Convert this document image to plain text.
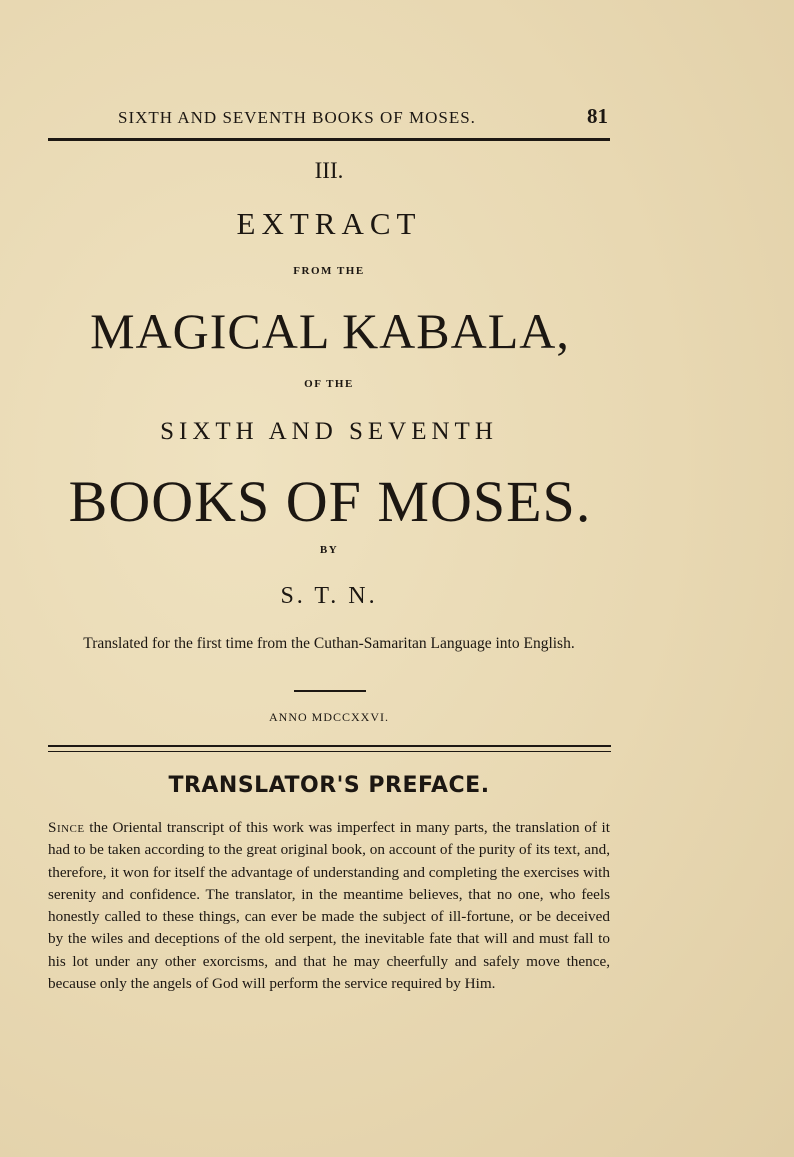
SIXTH AND SEVENTH BOOKS OF MOSES.	81
III.
EXTRACT
FROM THE
MAGICAL KABALA,
OF THE
SIXTH AND SEVENTH
BOOKS OF MOSES.
BY
S. T. N.
Translated for the first time from the Cuthan-Samaritan Language into English.
ANNO MDCCXXVI.
TRANSLATOR'S PREFACE.
Since the Oriental transcript of this work was imperfect in many parts, the translation of it had to be taken according to the great original book, on account of the purity of its text, and, therefore, it won for itself the advantage of understanding and completing the exercises with serenity and confidence. The translator, in the meantime believes, that no one, who feels honestly called to these things, can ever be made the subject of ill-fortune, or be deceived by the wiles and deceptions of the old serpent, the inevitable fate that will and must fall to his lot under any other exorcisms, and that he may cheerfully and safely move thence, because only the angels of God will perform the service required by Him.
